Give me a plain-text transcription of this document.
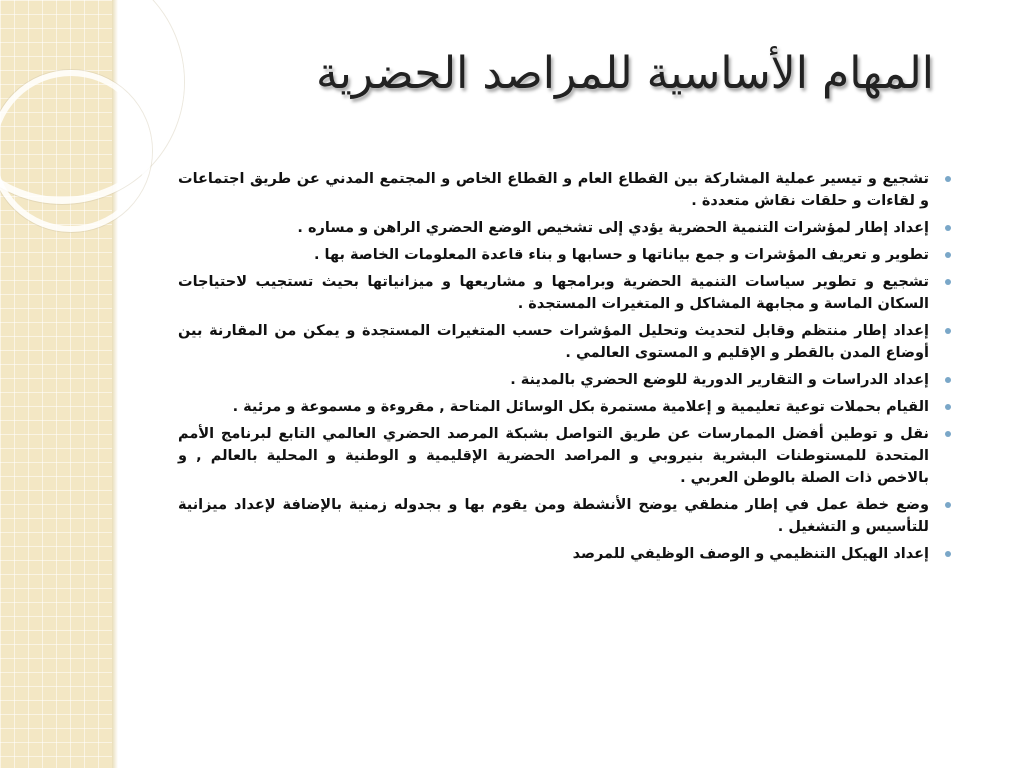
المهام الأساسية للمراصد الحضرية
تشجيع و تيسير عملية المشاركة بين القطاع العام و القطاع الخاص و المجتمع المدني عن طريق اجتماعات و لقاءات و حلقات نقاش متعددة .
إعداد إطار لمؤشرات التنمية الحضرية يؤدي إلى تشخيص الوضع الحضري الراهن و مساره .
تطوير و تعريف المؤشرات و جمع بياناتها و حسابها و بناء قاعدة المعلومات الخاصة بها .
تشجيع و تطوير سياسات التنمية الحضرية وبرامجها و مشاريعها و ميزانياتها بحيث تستجيب لاحتياجات السكان الماسة و مجابهة المشاكل و المتغيرات المستجدة .
إعداد إطار منتظم وقابل لتحديث وتحليل المؤشرات حسب المتغيرات المستجدة و يمكن من المقارنة بين أوضاع المدن بالقطر و الإقليم و المستوى العالمي .
إعداد الدراسات و التقارير الدورية للوضع الحضري بالمدينة .
القيام بحملات توعية تعليمية و إعلامية مستمرة بكل الوسائل المتاحة , مقروءة و مسموعة و مرئية .
نقل و توطين أفضل الممارسات عن طريق التواصل بشبكة المرصد الحضري العالمي التابع لبرنامج الأمم المتحدة للمستوطنات البشرية بنيروبي و المراصد الحضرية الإقليمية و الوطنية و المحلية بالعالم , و بالاخص ذات الصلة بالوطن العربي .
وضع خطة عمل في إطار منطقي يوضح الأنشطة ومن يقوم بها و بجدوله زمنية بالإضافة لإعداد ميزانية للتأسيس و التشغيل .
إعداد الهيكل التنظيمي و الوصف الوظيفي للمرصد
